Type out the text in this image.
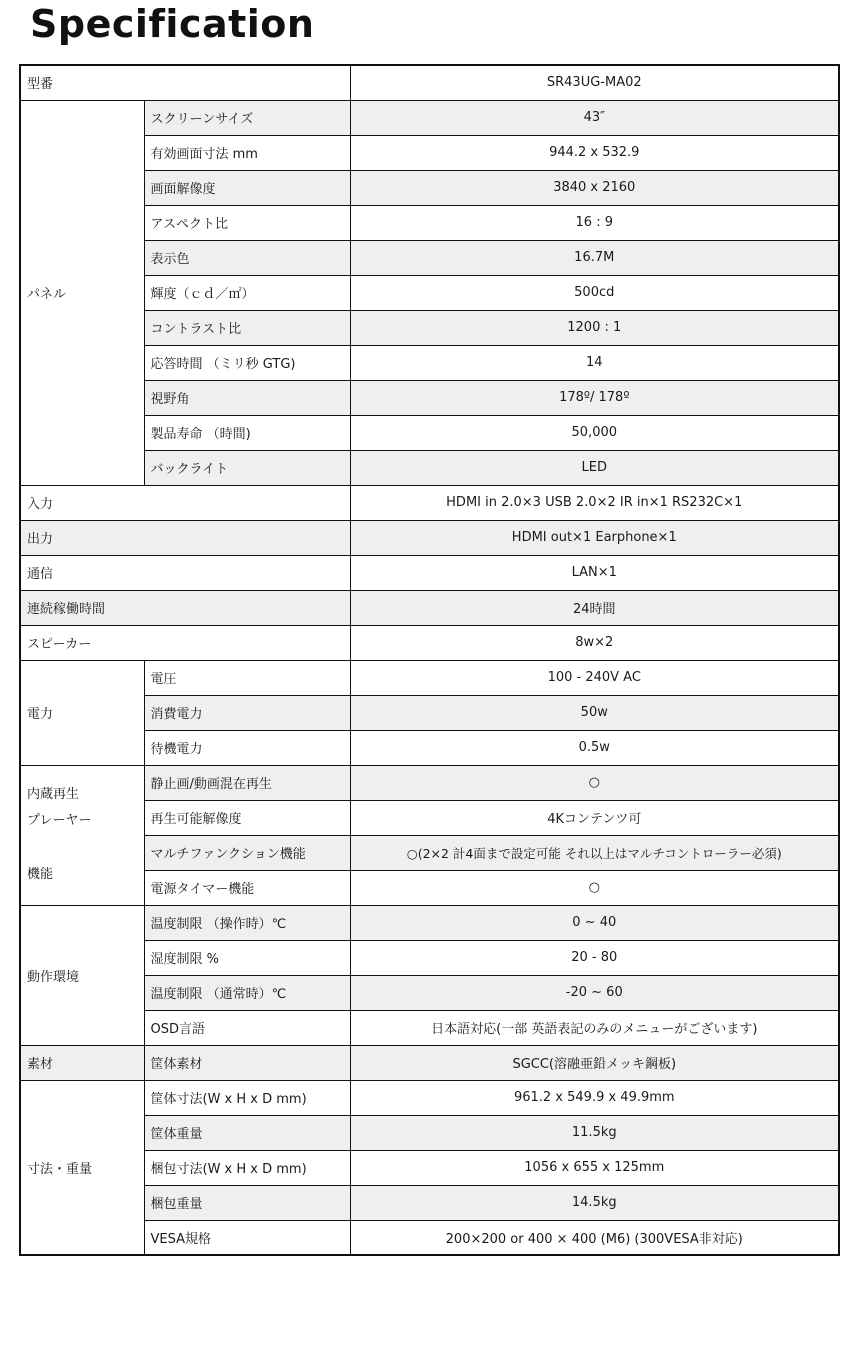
Specification
型番		SR43UG-MA02
パネル	スクリーンサイズ	43″
	有効画面寸法 mm	944.2 x 532.9
	画面解像度	3840 x 2160
	アスペクト比	16 : 9
	表示色	16.7M
	輝度（ｃｄ／㎡）	500cd
	コントラスト比	1200 : 1
	応答時間 （ミリ秒 GTG)	14
	視野角	178º/ 178º
	製品寿命 （時間)	50,000
	バックライト	LED
入力		HDMI in 2.0×3 USB 2.0×2 IR in×1 RS232C×1
出力		HDMI out×1 Earphone×1
通信		LAN×1
連続稼働時間		24時間
スピーカー		8w×2
電力	電圧	100 - 240V AC
	消費電力	50w
	待機電力	0.5w

内蔵再生
プレーヤー
機能	静止画/動画混在再生	○
	再生可能解像度	4Kコンテンツ可
	マルチファンクション機能	○(2×2 計4面まで設定可能 それ以上はマルチコントローラー必須)
	電源タイマー機能	○
動作環境	温度制限 （操作時）℃	0 ~ 40
	湿度制限 %	20 - 80
	温度制限 （通常時）℃	-20 ~ 60
	OSD言語	日本語対応(一部 英語表記のみのメニューがございます)
素材	筐体素材	SGCC(溶融亜鉛メッキ鋼板)
寸法・重量	筐体寸法(W x H x D mm)	961.2 x 549.9 x 49.9mm
	筐体重量	11.5kg
	梱包寸法(W x H x D mm)	1056 x 655 x 125mm
	梱包重量	14.5kg
	VESA規格	200×200 or 400 × 400 (M6) (300VESA非対応)
